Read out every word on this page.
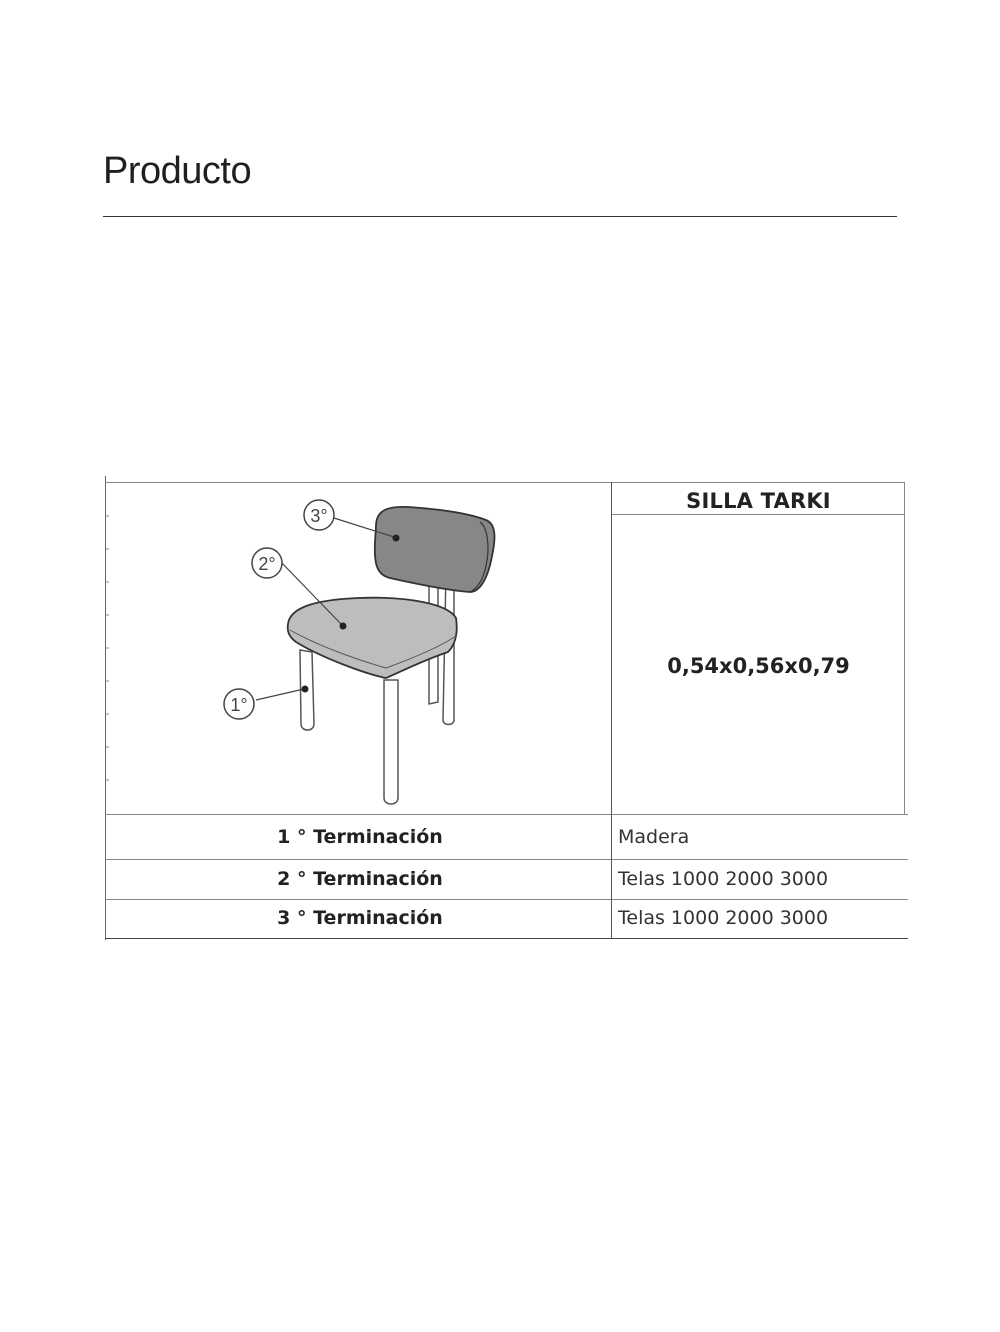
Producto
1°
2°
3°
SILLA TARKI
0,54x0,56x0,79
1 ° Terminación	Madera
2 ° Terminación	Telas 1000 2000 3000
3 ° Terminación	Telas 1000 2000 3000
